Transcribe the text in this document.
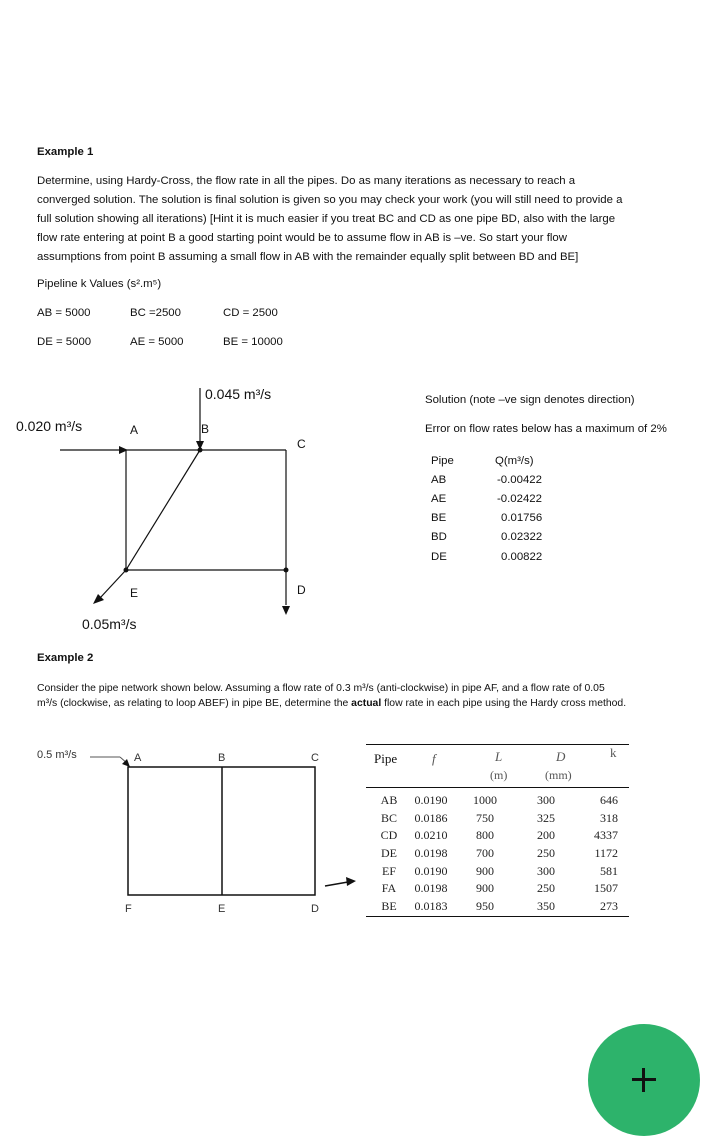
Example 1
Determine, using Hardy-Cross, the flow rate in all the pipes. Do as many iterations as necessary to reach a
converged solution. The solution is final solution is given so you may check your work (you will still need to provide a
full solution showing all iterations) [Hint it is much easier if you treat BC and CD as one pipe BD, also with the large
flow rate entering at point B a good starting point would be to assume flow in AB is –ve. So start your flow
assumptions from point B assuming a small flow in AB with the remainder equally split between BD and BE]
Pipeline k Values (s².m⁵)
AB = 5000	BC =2500	CD = 2500
DE = 5000	AE = 5000	BE = 10000
0.045 m³/s
0.020 m³/s
0.05m³/s
A	B
C
D
E
Solution (note –ve sign denotes direction)
Error on flow rates below has a maximum of 2%
Pipe	Q(m³/s)
AB	-0.00422
AE	-0.02422
BE	0.01756
BD	0.02322
DE	0.00822
Example 2
Consider the pipe network shown below. Assuming a flow rate of 0.3 m³/s (anti-clockwise) in pipe AF, and a flow rate of 0.05
m³/s (clockwise, as relating to loop ABEF) in pipe BE, determine the actual flow rate in each pipe using the Hardy cross method.
0.5 m³/s	A	B	C
F	E	D
Pipe	f	L	D	k
(m)	(mm)
AB	0.0190	1000	300	646
BC	0.0186	750	325	318
CD	0.0210	800	200	4337
DE	0.0198	700	250	1172
EF	0.0190	900	300	581
FA	0.0198	900	250	1507
BE	0.0183	950	350	273
